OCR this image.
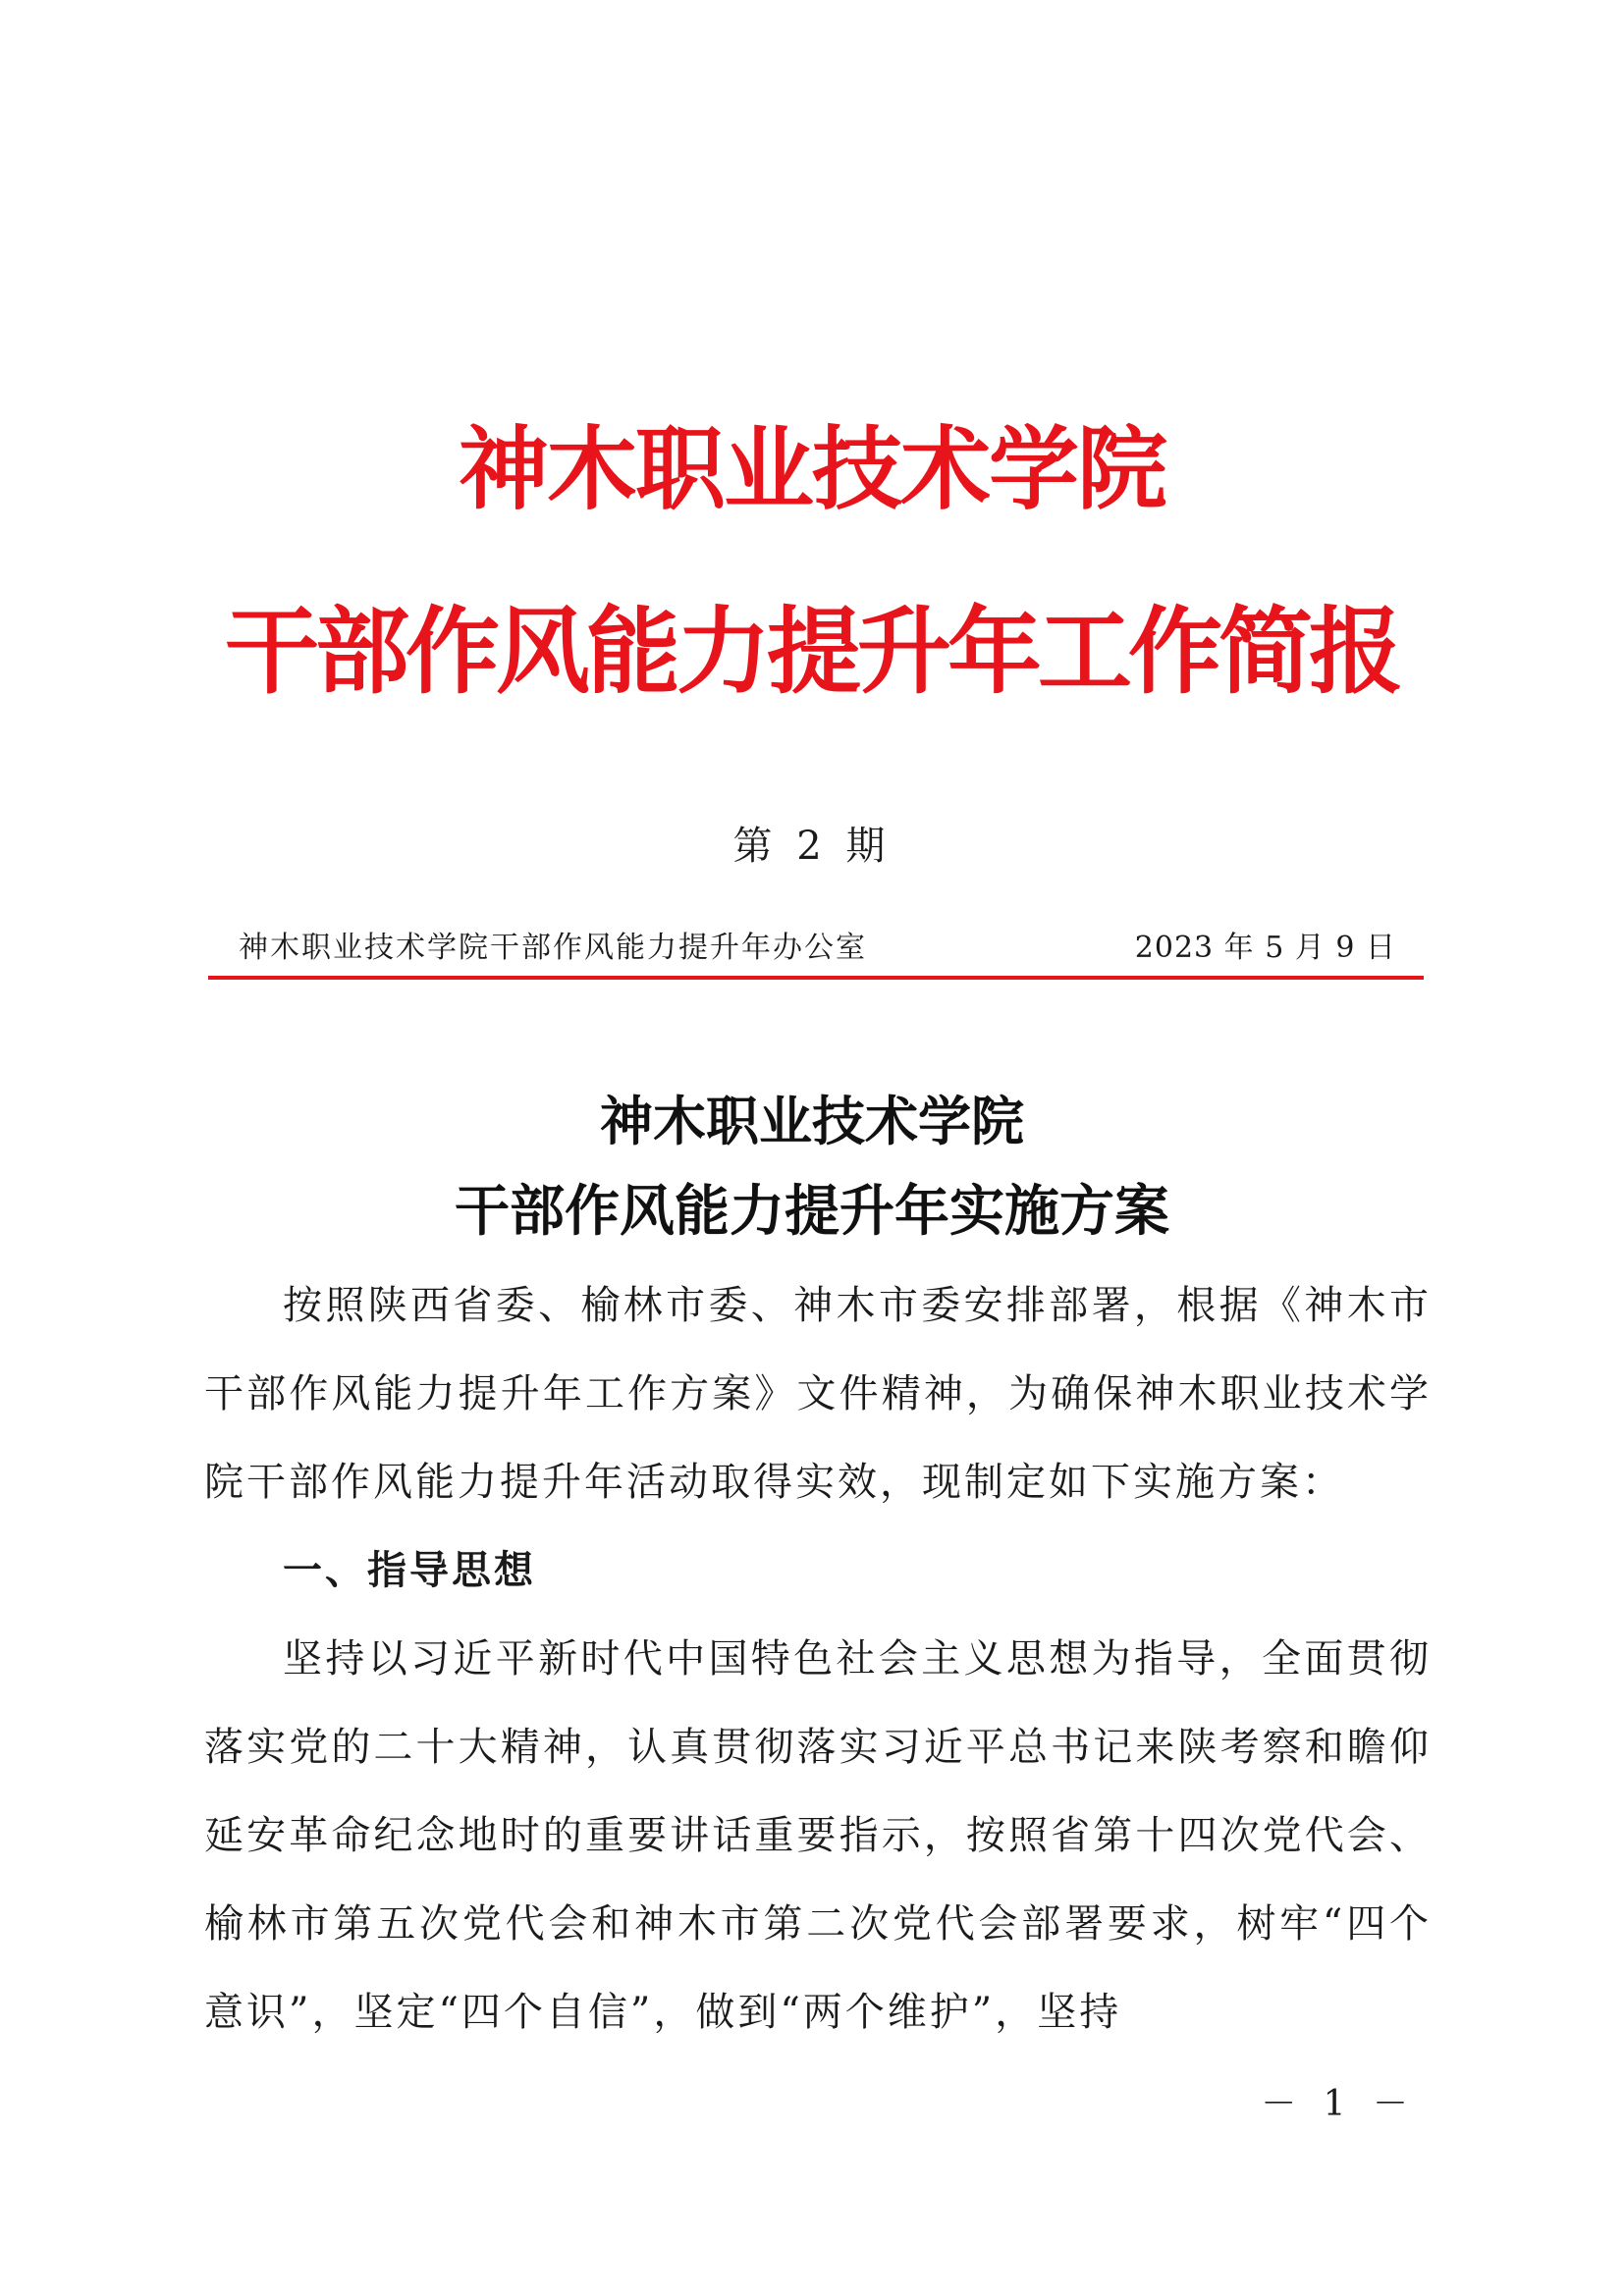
神木职业技术学院
干部作风能力提升年工作简报
第 2 期
神木职业技术学院干部作风能力提升年办公室	2023 年 5 月 9 日
神木职业技术学院
干部作风能力提升年实施方案

按照陕西省委、榆林市委、神木市委安排部署，根据《神木市干部作风能力提升年工作方案》文件精神，为确保神木职业技术学院干部作风能力提升年活动取得实效，现制定如下实施方案：

一、指导思想

坚持以习近平新时代中国特色社会主义思想为指导，全面贯彻落实党的二十大精神，认真贯彻落实习近平总书记来陕考察和瞻仰延安革命纪念地时的重要讲话重要指示，按照省第十四次党代会、榆林市第五次党代会和神木市第二次党代会部署要求，树牢“四个意识”，坚定“四个自信”，做到“两个维护”，坚持

－ 1 －
